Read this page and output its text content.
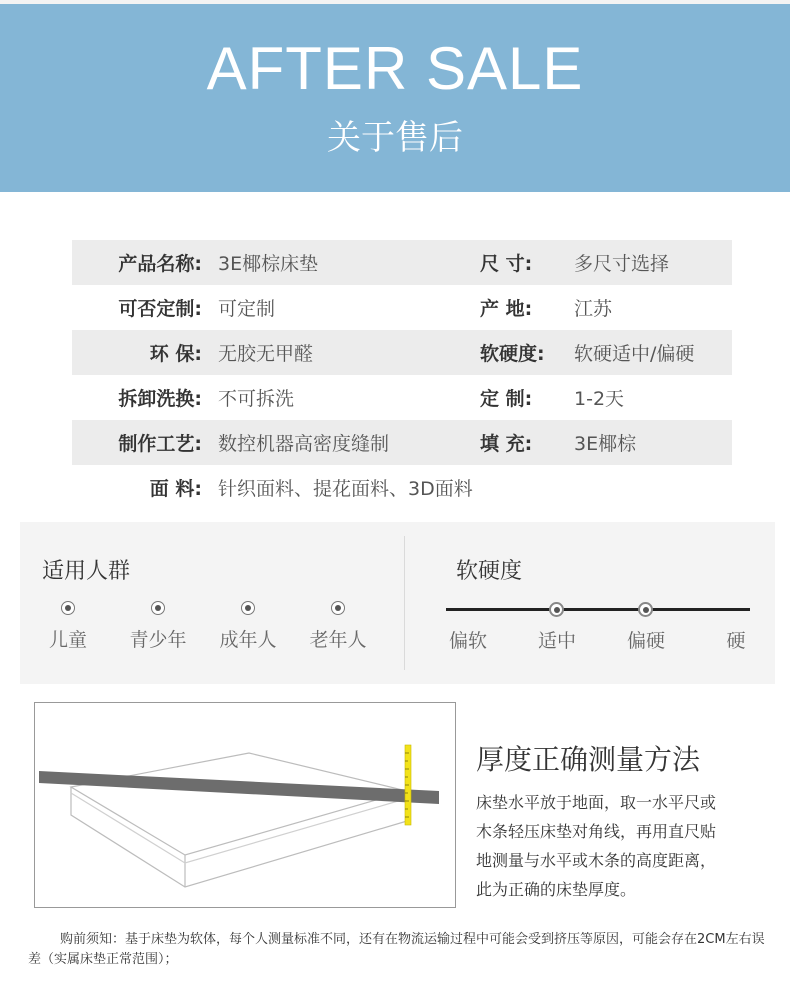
AFTER SALE
关于售后
产品名称: 3E椰棕床垫	尺 寸:	多尺寸选择
可否定制: 可定制	产 地:	江苏
环 保: 无胶无甲醛	软硬度:	软硬适中/偏硬
拆卸洗换: 不可拆洗	定 制:	1-2天
制作工艺: 数控机器高密度缝制	填 充:	3E椰棕
面 料: 针织面料、提花面料、3D面料
适用人群
儿童	青少年	成年人	老年人
软硬度
偏软	适中	偏硬	硬
厚度正确测量方法
床垫水平放于地面，取一水平尺或
木条轻压床垫对角线，再用直尺贴
地测量与水平或木条的高度距离，
此为正确的床垫厚度。
购前须知：基于床垫为软体，每个人测量标准不同，还有在物流运输过程中可能会受到挤压等原因，可能会存在2CM左右误差（实属床垫正常范围）；
